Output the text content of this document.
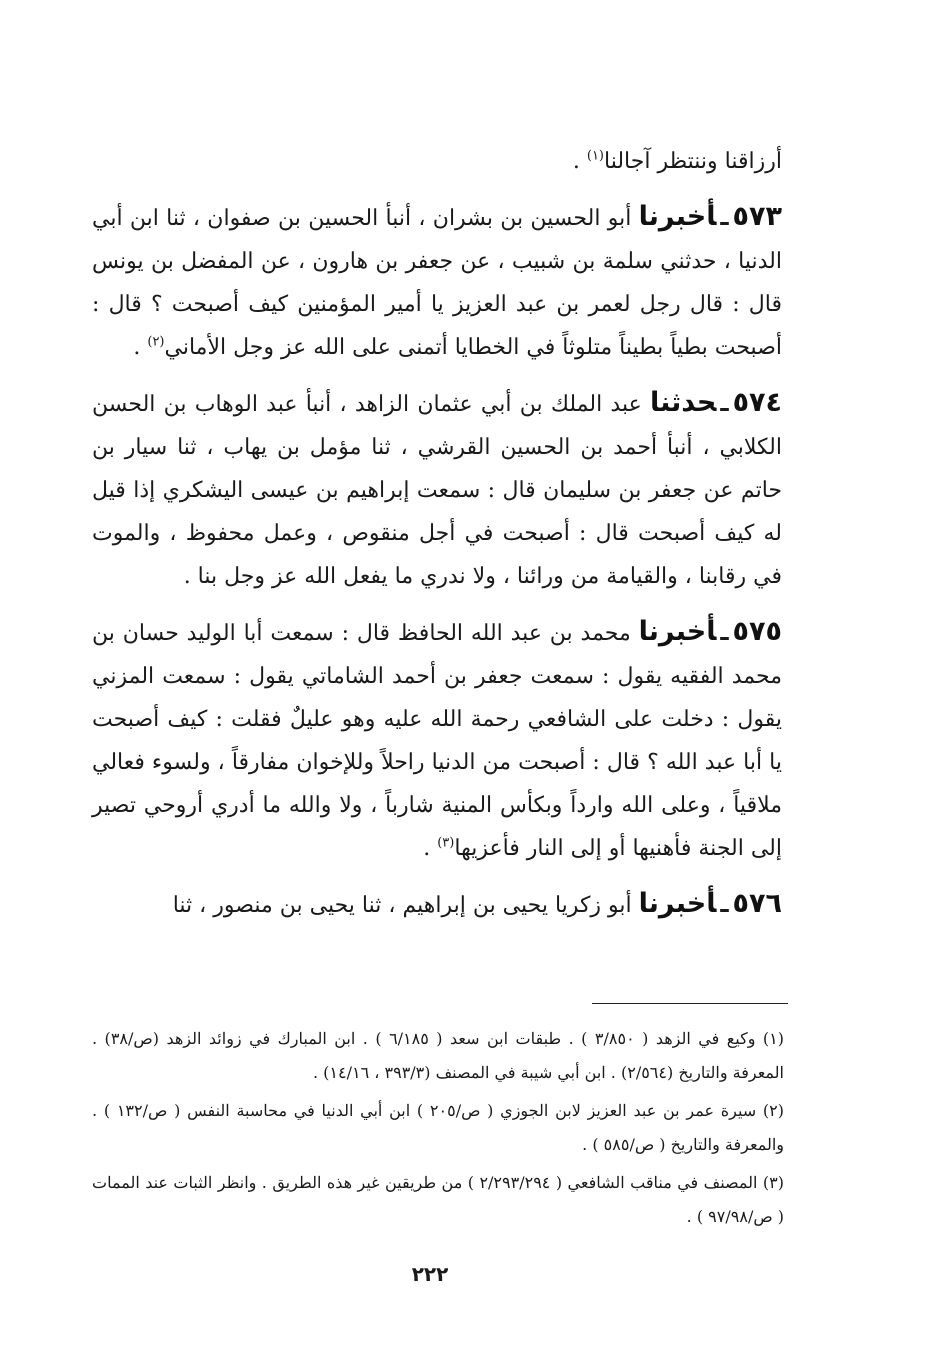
أرزاقنا وننتظر آجالنا$^{(١)}$ .

٥٧٣ـأخبرنا أبو الحسين بن بشران ، أنبأ الحسين بن صفوان ، ثنا ابن أبي الدنيا ، حدثني سلمة بن شبيب ، عن جعفر بن هارون ، عن المفضل بن يونس قال : قال رجل لعمر بن عبد العزيز يا أمير المؤمنين كيف أصبحت ؟ قال : أصبحت بطياً بطيناً متلوثاً في الخطايا أتمنى على الله عز وجل الأماني$^{(٢)}$ .

٥٧٤ـحدثنا عبد الملك بن أبي عثمان الزاهد ، أنبأ عبد الوهاب بن الحسن الكلابي ، أنبأ أحمد بن الحسين القرشي ، ثنا مؤمل بن يهاب ، ثنا سيار بن حاتم عن جعفر بن سليمان قال : سمعت إبراهيم بن عيسى اليشكري إذا قيل له كيف أصبحت قال : أصبحت في أجل منقوص ، وعمل محفوظ ، والموت في رقابنا ، والقيامة من ورائنا ، ولا ندري ما يفعل الله عز وجل بنا .

٥٧٥ـأخبرنا محمد بن عبد الله الحافظ قال : سمعت أبا الوليد حسان بن محمد الفقيه يقول : سمعت جعفر بن أحمد الشاماتي يقول : سمعت المزني يقول : دخلت على الشافعي رحمة الله عليه وهو عليلٌ فقلت : كيف أصبحت يا أبا عبد الله ؟ قال : أصبحت من الدنيا راحلاً وللإخوان مفارقاً ، ولسوء فعالي ملاقياً ، وعلى الله وارداً وبكأس المنية شارباً ، ولا والله ما أدري أروحي تصير إلى الجنة فأهنيها أو إلى النار فأعزيها$^{(٣)}$ .

٥٧٦ـأخبرنا أبو زكريا يحيى بن إبراهيم ، ثنا يحيى بن منصور ، ثنا

(١) وكيع في الزهد ( ٣/٨٥٠ ) . طبقات ابن سعد ( ٦/١٨٥ ) . ابن المبارك في زوائد الزهد (ص/٣٨) . المعرفة والتاريخ (٢/٥٦٤) . ابن أبي شيبة في المصنف (٣٩٣/٣ ، ١٤/١٦) .

(٢) سيرة عمر بن عبد العزيز لابن الجوزي ( ص/٢٠٥ ) ابن أبي الدنيا في محاسبة النفس ( ص/١٣٢ ) . والمعرفة والتاريخ ( ص/٥٨٥ ) .

(٣) المصنف في مناقب الشافعي ( ٢/٢٩٣/٢٩٤ ) من طريقين غير هذه الطريق . وانظر الثبات عند الممات ( ص/٩٧/٩٨ ) .

٢٢٢
